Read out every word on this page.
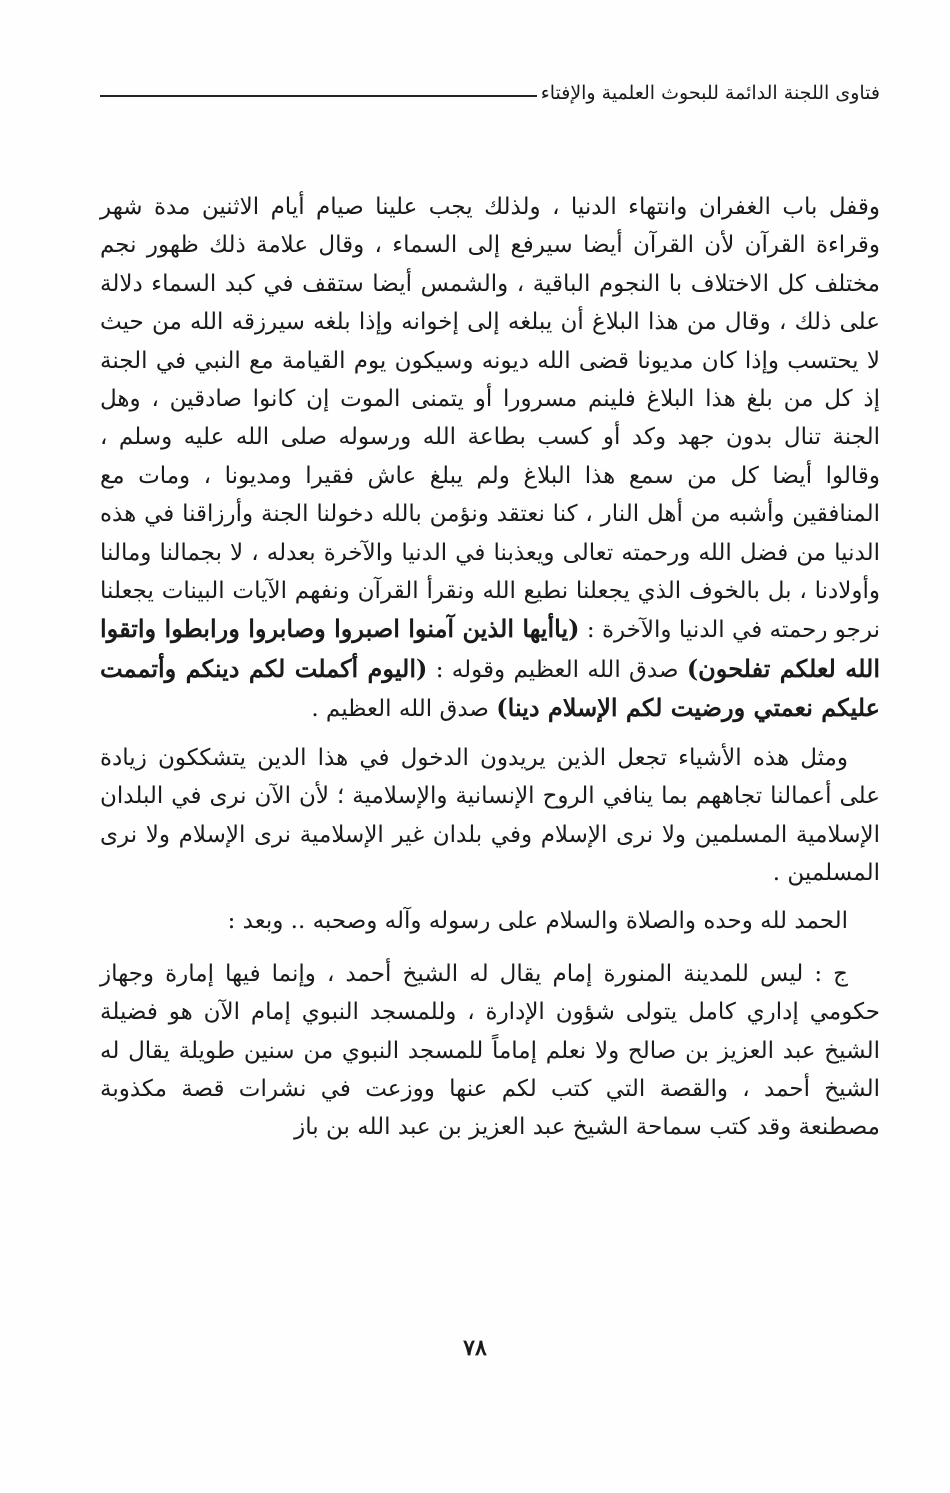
فتاوى اللجنة الدائمة للبحوث العلمية والإفتاء

وقفل باب الغفران وانتهاء الدنيا ، ولذلك يجب علينا صيام أيام الاثنين مدة شهر وقراءة القرآن لأن القرآن أيضا سيرفع إلى السماء ، وقال علامة ذلك ظهور نجم مختلف كل الاختلاف با النجوم الباقية ، والشمس أيضا ستقف في كبد السماء دلالة على ذلك ، وقال من هذا البلاغ أن يبلغه إلى إخوانه وإذا بلغه سيرزقه الله من حيث لا يحتسب وإذا كان مديونا قضى الله ديونه وسيكون يوم القيامة مع النبي في الجنة إذ كل من بلغ هذا البلاغ فلينم مسرورا أو يتمنى الموت إن كانوا صادقين ، وهل الجنة تنال بدون جهد وكد أو كسب بطاعة الله ورسوله صلى الله عليه وسلم ، وقالوا أيضا كل من سمع هذا البلاغ ولم يبلغ عاش فقيرا ومديونا ، ومات مع المنافقين وأشبه من أهل النار ، كنا نعتقد ونؤمن بالله دخولنا الجنة وأرزاقنا في هذه الدنيا من فضل الله ورحمته تعالى ويعذبنا في الدنيا والآخرة بعدله ، لا بجمالنا ومالنا وأولادنا ، بل بالخوف الذي يجعلنا نطيع الله ونقرأ القرآن ونفهم الآيات البينات يجعلنا نرجو رحمته في الدنيا والآخرة : (ياأيها الذين آمنوا اصبروا وصابروا ورابطوا واتقوا الله لعلكم تفلحون) صدق الله العظيم وقوله : (اليوم أكملت لكم دينكم وأتممت عليكم نعمتي ورضيت لكم الإسلام دينا) صدق الله العظيم .

ومثل هذه الأشياء تجعل الذين يريدون الدخول في هذا الدين يتشككون زيادة على أعمالنا تجاههم بما ينافي الروح الإنسانية والإسلامية ؛ لأن الآن نرى في البلدان الإسلامية المسلمين ولا نرى الإسلام وفي بلدان غير الإسلامية نرى الإسلام ولا نرى المسلمين .

الحمد لله وحده والصلاة والسلام على رسوله وآله وصحبه .. وبعد :

ج : ليس للمدينة المنورة إمام يقال له الشيخ أحمد ، وإنما فيها إمارة وجهاز حكومي إداري كامل يتولى شؤون الإدارة ، وللمسجد النبوي إمام الآن هو فضيلة الشيخ عبد العزيز بن صالح ولا نعلم إماماً للمسجد النبوي من سنين طويلة يقال له الشيخ أحمد ، والقصة التي كتب لكم عنها ووزعت في نشرات قصة مكذوبة مصطنعة وقد كتب سماحة الشيخ عبد العزيز بن عبد الله بن باز

٧٨
